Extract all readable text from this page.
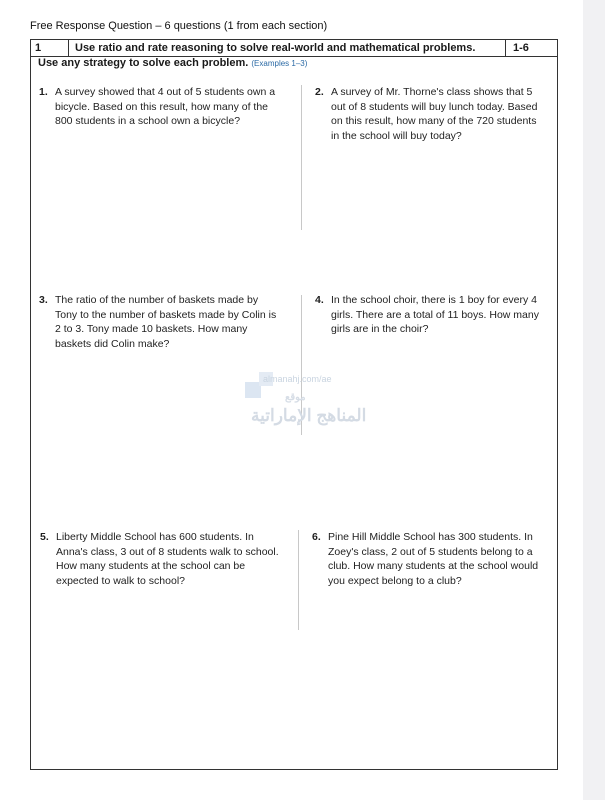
Free Response Question – 6 questions (1 from each section)
1	Use ratio and rate reasoning to solve real-world and mathematical problems.	1-6
Use any strategy to solve each problem. (Examples 1–3)
1. A survey showed that 4 out of 5 students own a bicycle. Based on this result, how many of the 800 students in a school own a bicycle?
2. A survey of Mr. Thorne's class shows that 5 out of 8 students will buy lunch today. Based on this result, how many of the 720 students in the school will buy today?
3. The ratio of the number of baskets made by Tony to the number of baskets made by Colin is 2 to 3. Tony made 10 baskets. How many baskets did Colin make?
4. In the school choir, there is 1 boy for every 4 girls. There are a total of 11 boys. How many girls are in the choir?
5. Liberty Middle School has 600 students. In Anna's class, 3 out of 8 students walk to school. How many students at the school can be expected to walk to school?
6. Pine Hill Middle School has 300 students. In Zoey's class, 2 out of 5 students belong to a club. How many students at the school would you expect belong to a club?
almanahj.com/ae
موقع
المناهج الإماراتية
